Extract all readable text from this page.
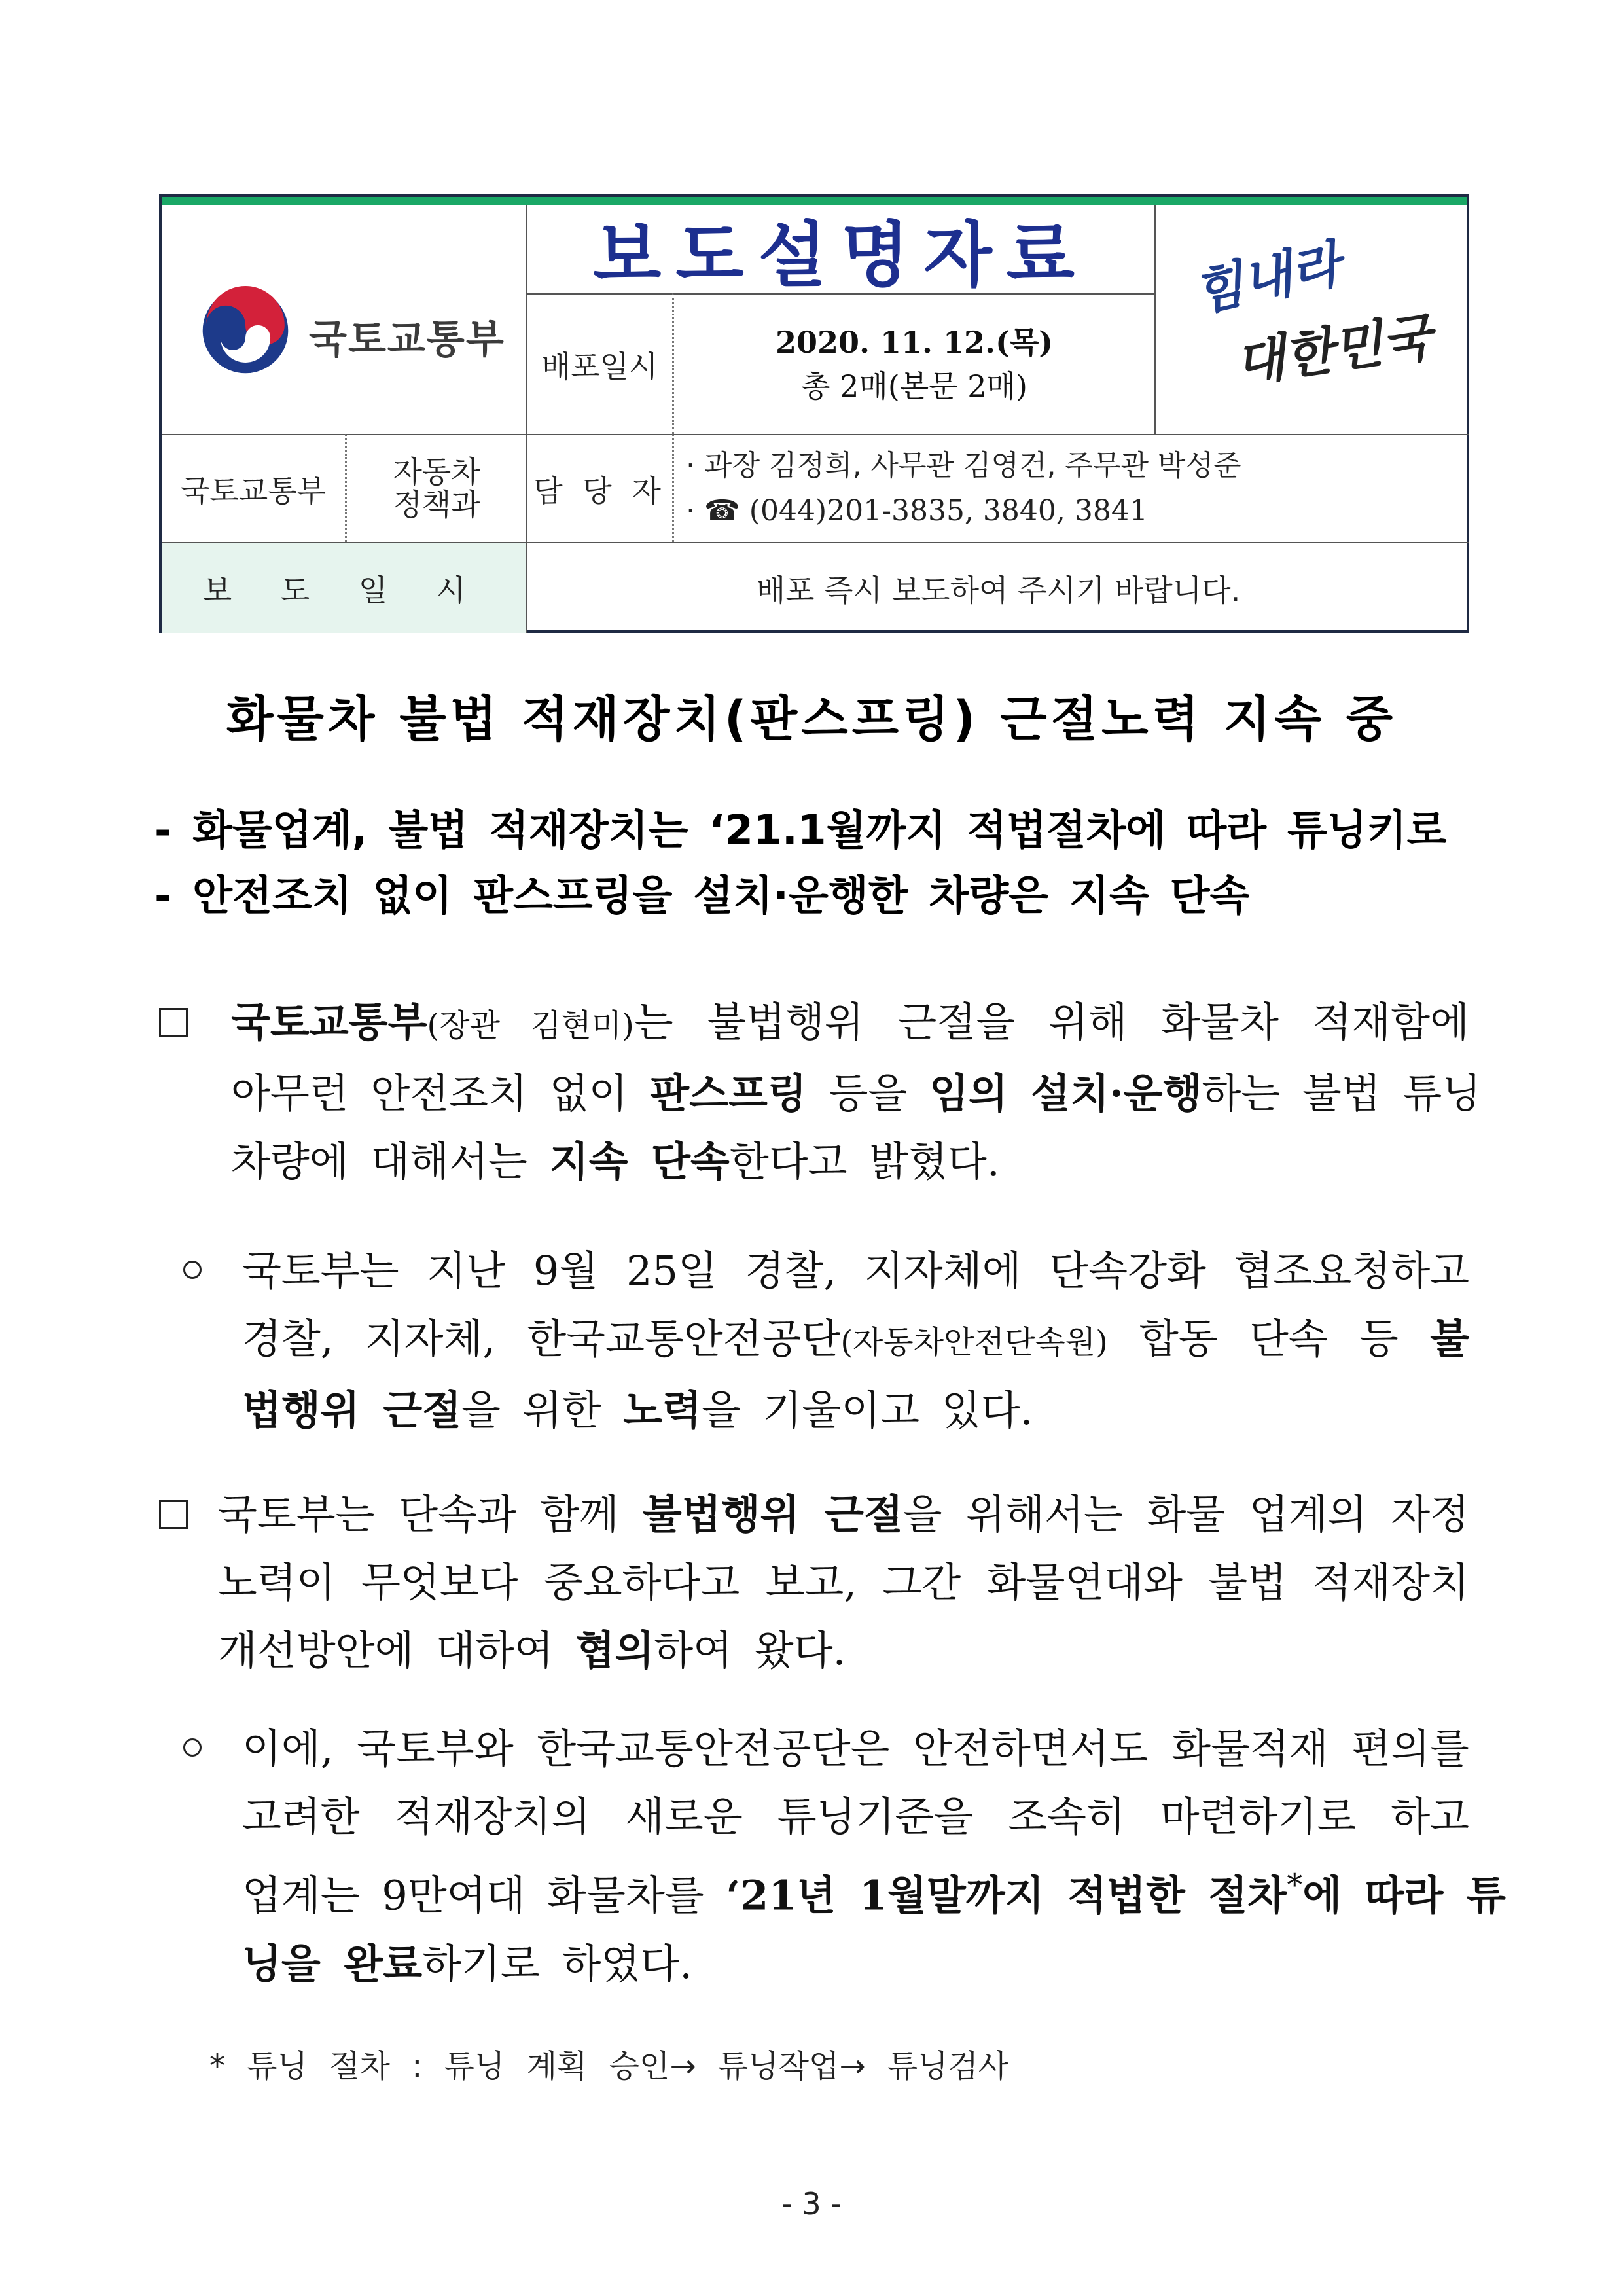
국토교통부
보도설명자료 힘내라
대한민국
배포일시
2020. 11. 12.(목)
총 2매(본문 2매)
국토교통부
자동차
정책과 담 당 자
· 과장 김정희, 사무관 김영건, 주무관 박성준
· ☎ (044)201-3835, 3840, 3841
보 도 일 시	배포 즉시 보도하여 주시기 바랍니다.
화물차 불법 적재장치(판스프링) 근절노력 지속 중
- 화물업계, 불법 적재장치는 ‘21.1월까지 적법절차에 따라 튜닝키로
- 안전조치 없이 판스프링을 설치·운행한 차량은 지속 단속
국토교통부(장관 김현미)는 불법행위 근절을 위해 화물차 적재함에
아무런 안전조치 없이 판스프링 등을 임의 설치·운행하는 불법 튜닝
차량에 대해서는 지속 단속한다고 밝혔다.
국토부는 지난 9월 25일 경찰, 지자체에 단속강화 협조요청하고
경찰, 지자체, 한국교통안전공단(자동차안전단속원) 합동 단속 등 불
법행위 근절을 위한 노력을 기울이고 있다.
국토부는 단속과 함께 불법행위 근절을 위해서는 화물 업계의 자정
노력이 무엇보다 중요하다고 보고, 그간 화물연대와 불법 적재장치
개선방안에 대하여 협의하여 왔다.
이에, 국토부와 한국교통안전공단은 안전하면서도 화물적재 편의를
고려한 적재장치의 새로운 튜닝기준을 조속히 마련하기로 하고
업계는 9만여대 화물차를 ‘21년 1월말까지 적법한 절차*에 따라 튜
닝을 완료하기로 하였다.
* 튜닝 절차 : 튜닝 계획 승인→ 튜닝작업→ 튜닝검사
- 3 -
